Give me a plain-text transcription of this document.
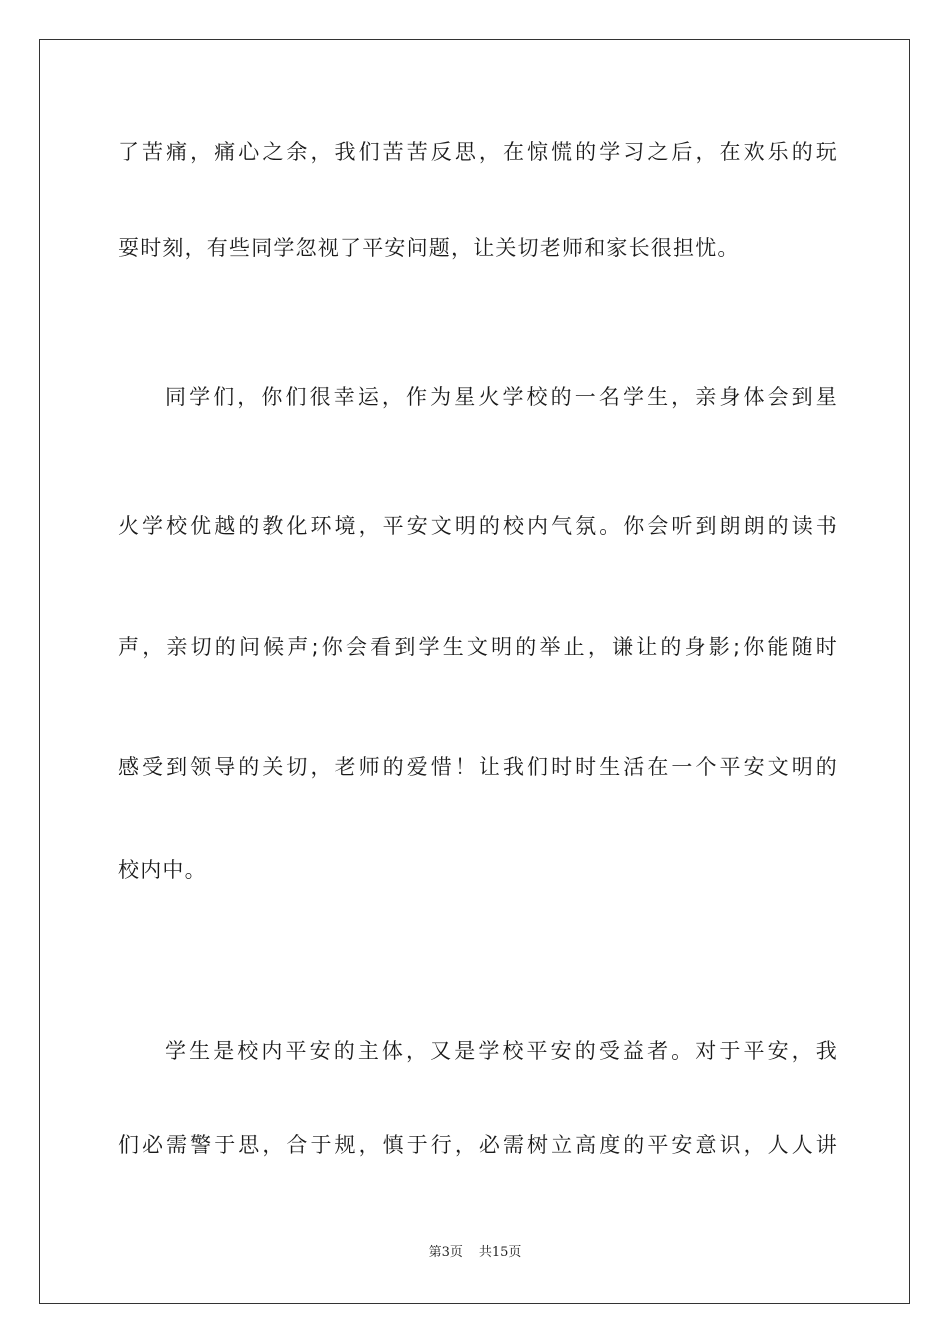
了苦痛，痛心之余，我们苦苦反思，在惊慌的学习之后，在欢乐的玩
耍时刻，有些同学忽视了平安问题，让关切老师和家长很担忧。
同学们，你们很幸运，作为星火学校的一名学生，亲身体会到星
火学校优越的教化环境，平安文明的校内气氛。你会听到朗朗的读书
声，亲切的问候声;你会看到学生文明的举止，谦让的身影;你能随时
感受到领导的关切，老师的爱惜！让我们时时生活在一个平安文明的
校内中。
学生是校内平安的主体，又是学校平安的受益者。对于平安，我
们必需警于思，合于规，慎于行，必需树立高度的平安意识，人人讲
第3页 共15页
